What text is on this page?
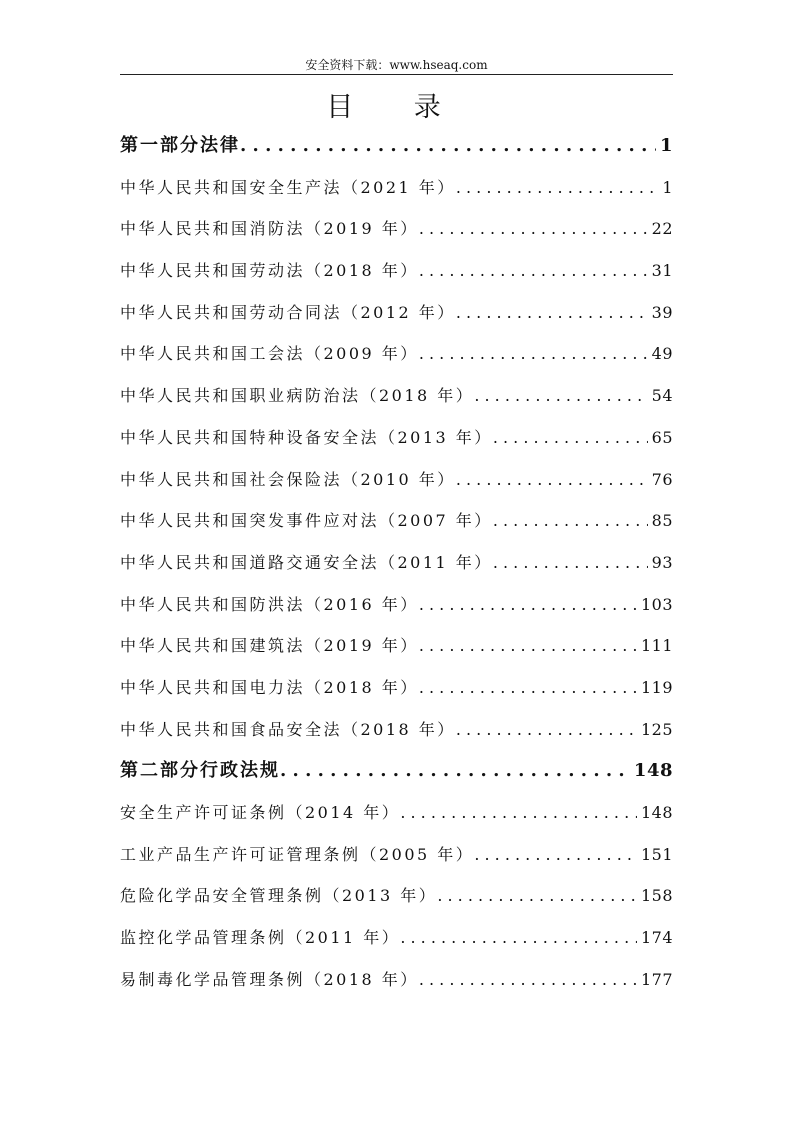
安全资料下载：www.hseaq.com
目 录
第一部分法律 . . .	1
中华人民共和国安全生产法（2021 年） . . .	1
中华人民共和国消防法（2019 年） . . .	22
中华人民共和国劳动法（2018 年） . . .	31
中华人民共和国劳动合同法（2012 年） . . .	39
中华人民共和国工会法（2009 年） . . .	49
中华人民共和国职业病防治法（2018 年） . . .	54
中华人民共和国特种设备安全法（2013 年） . . .	65
中华人民共和国社会保险法（2010 年） . . .	76
中华人民共和国突发事件应对法（2007 年） . . .	85
中华人民共和国道路交通安全法（2011 年） . . .	93
中华人民共和国防洪法（2016 年） . . .	103
中华人民共和国建筑法（2019 年） . . .	111
中华人民共和国电力法（2018 年） . . .	119
中华人民共和国食品安全法（2018 年） . . .	125
第二部分行政法规 . . .	148
安全生产许可证条例（2014 年） . . .	148
工业产品生产许可证管理条例（2005 年） . . .	151
危险化学品安全管理条例（2013 年） . . .	158
监控化学品管理条例（2011 年） . . .	174
易制毒化学品管理条例（2018 年） . . .	177
